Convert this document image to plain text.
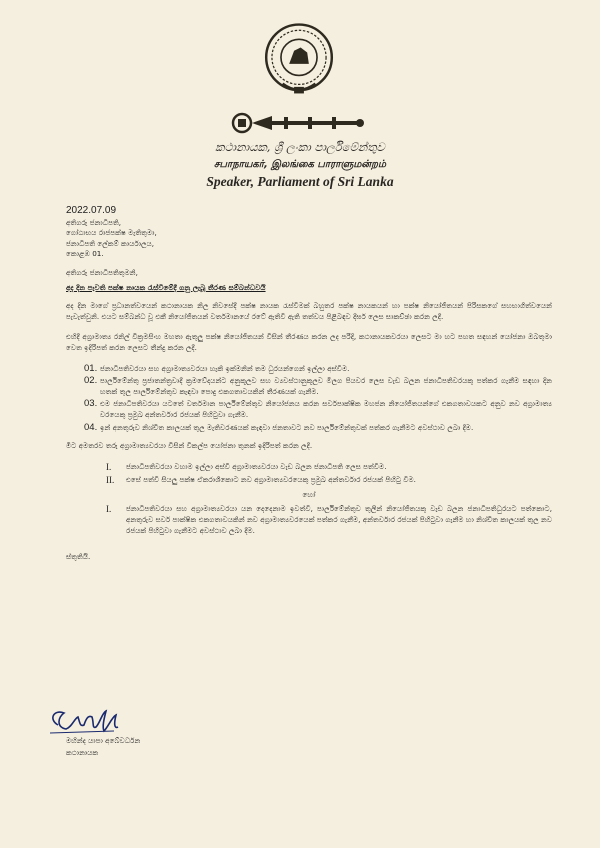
කථානායක, ශ්‍රී ලංකා පාර්ලිමේන්තුව
சபாநாயகர், இலங்கை பாராளுமன்றம்
Speaker, Parliament of Sri Lanka
2022.07.09
අතිගරු ජනාධිපති,
ගෝඨාභය රාජපක්ෂ මැතිතුමා,
ජනාධිපති ලේකම් කාර්යාලය,
කොළඹ 01.
අතිගරු ජනාධිපතිතුමනි,
අද දින පැවති පක්ෂ නායක රැස්වීමේදී ගනු ලැබූ තීරණ සම්බන්ධවයි
අද දින මාගේ ප්‍රධානත්වයෙන් කථානායක නිල නිවසේදී පක්ෂ නායක රැස්වීමක් බහුතර පක්ෂ නායකයන් හා පක්ෂ නියෝජිතයන් පිරිසකගේ සහභාගිත්වයෙන් පැවැත්වුනි. එයට සම්බන්ධ වූ එකී නියෝජිතයන් වර්තමානයේ රටේ ඇතිවී ඇති තත්වය පිළිබඳව දීර්ඝ ලෙස සාකච්ඡා කරන ලදී.
එහිදී අග්‍රාමාත්‍ය රනිල් වික්‍රමසිංහ මහතා ඇතුලු පක්ෂ නියෝජිතයන් විසින් තීරණය කරන ලද පරිදි, කථානායකවරයා ලෙසට මා හට පහත සඳහන් යෝජනා ඔබතුමා වෙත ඉදිරිපත් කරන ලෙසට තීන්දු කරන ලදී.
01. ජනාධිපතිවරයා සහ අග්‍රාමාත්‍යවරයා හැකි ඉක්මනින් තම ධුරයන්ගෙන් ඉල්ලා අස්වීම.
02. පාර්ලිමේන්තු ප්‍රජාතන්ත්‍රවාදී ක්‍රමවේදයන්ට අනුකූලව සහ ව්‍යවස්ථානුකූලව මීලග පියවර ලෙස වැඩ බලන ජනාධිපතිවරයකු පත්කර ගැනීම සඳහා දින හතක් තුල පාර්ලිමේන්තුව කැඳවා පොදු එකගතාවයකින් තීරණයක් ගැනීම.
03. එම ජනාධිපතිවරයා යටතේ වර්තමාන පාර්ලිමේන්තුව නියෝජනය කරන සර්වපාක්ෂික මහජන නියෝජිතයන්ගේ එකගතාවයකට අනුව නව අග්‍රාමාත්‍ය වරයෙකු ප්‍රමුඛ අන්තර්වාර රජයක් පිහිටුවා ගැනීම.
04. ඉන් අනතුරුව නිශ්චිත කාලයක් තුල මැතිවරණයක් කැඳවා ජනතාවට නව පාර්ලිමේන්තුවක් පත්කර ගැනීමට අවස්ථාව ලබා දීම.
මීට අමතරව තරු අග්‍රාමාත්‍යවරයා විසින් විකල්ප යෝජනා තුනක් ඉදිරිපත් කරන ලදී.
I.	ජනාධිපතිවරයා වහාම ඉල්ලා අස්වී අග්‍රාමාත්‍යවරයා වැඩ බලන ජනාධිපති ලෙස පත්වීම.
II.	එසේ පත්වී සියලු පක්ෂ ඒකරාශීකොට නව අග්‍රාමාත්‍යවරයෙකු ප්‍රමුඛ අන්තර්වාර රජයක් පිහිටු වීම.
හෝ
I.	ජනාධිපතිවරයා සහ අග්‍රාමාත්‍යවරයා යන දෙදෙනාම ඉවත්වී, පාර්ලිමේන්තුව තුලින් නියෝජිතයකු වැඩ බලන ජනාධිපතිධුරයට පත්කොට, අනතුරුව සර්ව පාක්ෂික එකගතාවයකින් නව අග්‍රාමාත්‍යවරයෙක් පත්කර ගැනීම, අන්තර්වාර රජයක් පිහිටුවා ගැනීම හා නිශ්චිත කාලයක් තුල නව රජයක් පිහිටුවා ගැනීමට අවස්ථාව ලබා දීම.
ස්තුතියි.
මහින්ද යාපා අබේවර්ධන
කථානායක
